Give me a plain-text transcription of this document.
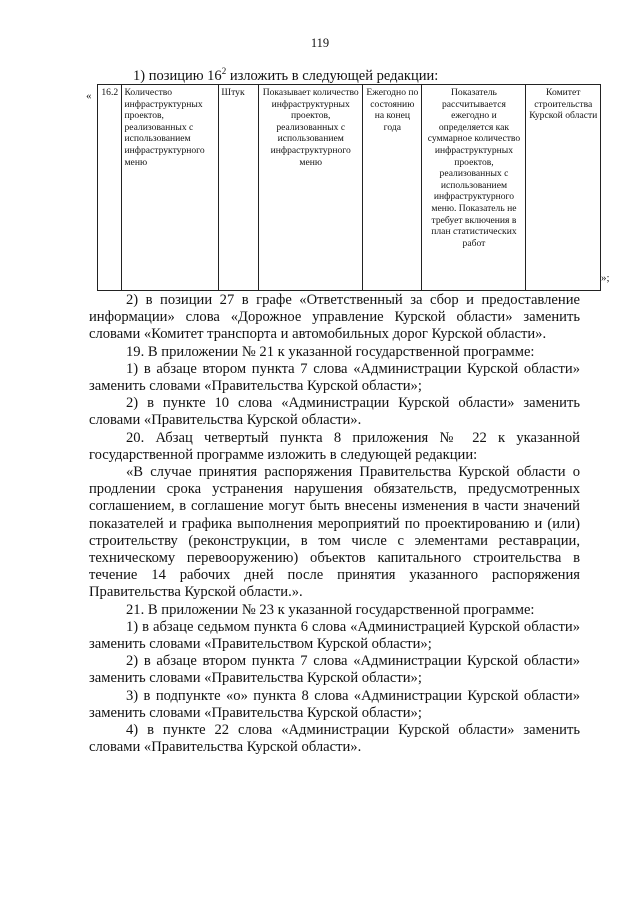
119
1) позицию $16^2$ изложить в следующей редакции:
« 16.2	Количество инфраструктурных проектов, реализованных с использованием инфраструктурного меню	Штук	Показывает количество инфраструктурных проектов, реализованных с использованием инфраструктурного меню	Ежегодно по состоянию на конец года	Показатель рассчитывается ежегодно и определяется как суммарное количество инфраструктурных проектов, реализованных с использованием инфраструктурного меню. Показатель не требует включения в план статистических работ	Комитет строительства Курской области
»;

2) в позиции 27 в графе «Ответственный за сбор и предоставление информации» слова «Дорожное управление Курской области» заменить словами «Комитет транспорта и автомобильных дорог Курской области».

19. В приложении № 21 к указанной государственной программе:

1) в абзаце втором пункта 7 слова «Администрации Курской области» заменить словами «Правительства Курской области»;

2) в пункте 10 слова «Администрации Курской области» заменить словами «Правительства Курской области».

20. Абзац четвертый пункта 8 приложения № 22 к указанной государственной программе изложить в следующей редакции:

«В случае принятия распоряжения Правительства Курской области о продлении срока устранения нарушения обязательств, предусмотренных соглашением, в соглашение могут быть внесены изменения в части значений показателей и графика выполнения мероприятий по проектированию и (или) строительству (реконструкции, в том числе с элементами реставрации, техническому перевооружению) объектов капитального строительства в течение 14 рабочих дней после принятия указанного распоряжения Правительства Курской области.».

21. В приложении № 23 к указанной государственной программе:

1) в абзаце седьмом пункта 6 слова «Администрацией Курской области» заменить словами «Правительством Курской области»;

2) в абзаце втором пункта 7 слова «Администрации Курской области» заменить словами «Правительства Курской области»;

3) в подпункте «о» пункта 8 слова «Администрации Курской области» заменить словами «Правительства Курской области»;

4) в пункте 22 слова «Администрации Курской области» заменить словами «Правительства Курской области».
